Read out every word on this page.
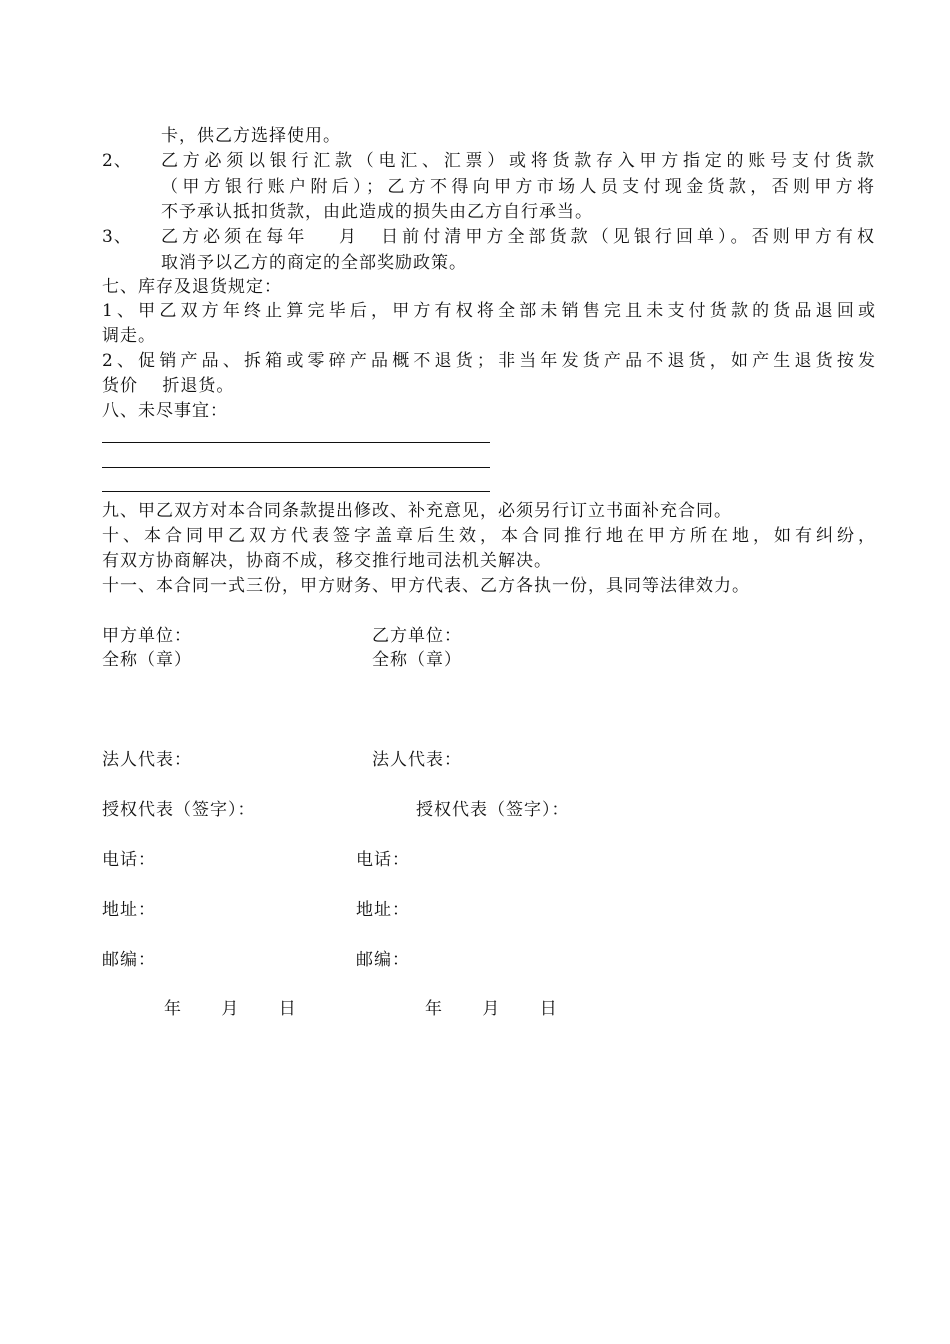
卡，供乙方选择使用。
2、 乙方必须以银行汇款（电汇、汇票）或将货款存入甲方指定的账号支付货款
（甲方银行账户附后）；乙方不得向甲方市场人员支付现金货款，否则甲方将
不予承认抵扣货款，由此造成的损失由乙方自行承当。
3、 乙方必须在每年　 月　日前付清甲方全部货款（见银行回单）。否则甲方有权
取消予以乙方的商定的全部奖励政策。
七、库存及退货规定：
1、甲乙双方年终止算完毕后，甲方有权将全部未销售完且未支付货款的货品退回或
调走。
2、促销产品、拆箱或零碎产品概不退货；非当年发货产品不退货，如产生退货按发
货价　 折退货。
八、未尽事宜：
九、甲乙双方对本合同条款提出修改、补充意见，必须另行订立书面补充合同。
十、本合同甲乙双方代表签字盖章后生效，本合同推行地在甲方所在地，如有纠纷，
有双方协商解决，协商不成，移交推行地司法机关解决。
十一、本合同一式三份，甲方财务、甲方代表、乙方各执一份，具同等法律效力。
甲方单位：
全称（章）
法人代表：
授权代表（签字）：
电话：
地址：
邮编：
年　 月　 日
乙方单位：
全称（章）
法人代表：
授权代表（签字）：
电话：
地址：
邮编：
年　 月　 日
